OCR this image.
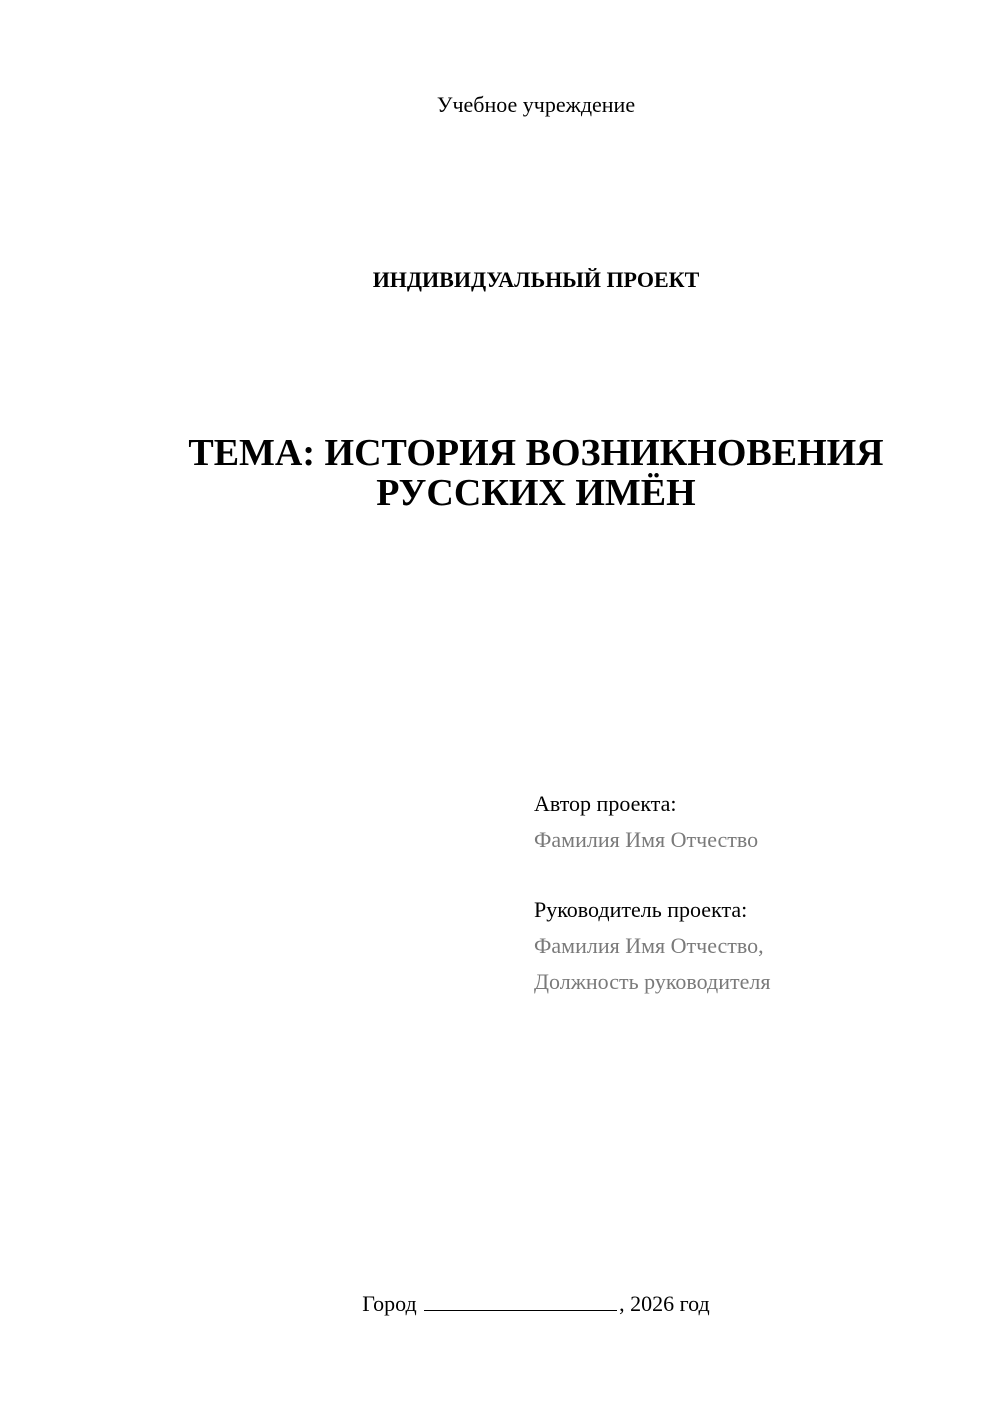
Учебное учреждение
ИНДИВИДУАЛЬНЫЙ ПРОЕКТ
ТЕМА: ИСТОРИЯ ВОЗНИКНОВЕНИЯ
РУССКИХ ИМЁН
Автор проекта:
Фамилия Имя Отчество
Руководитель проекта:
Фамилия Имя Отчество,
Должность руководителя
Город	, 2026 год
